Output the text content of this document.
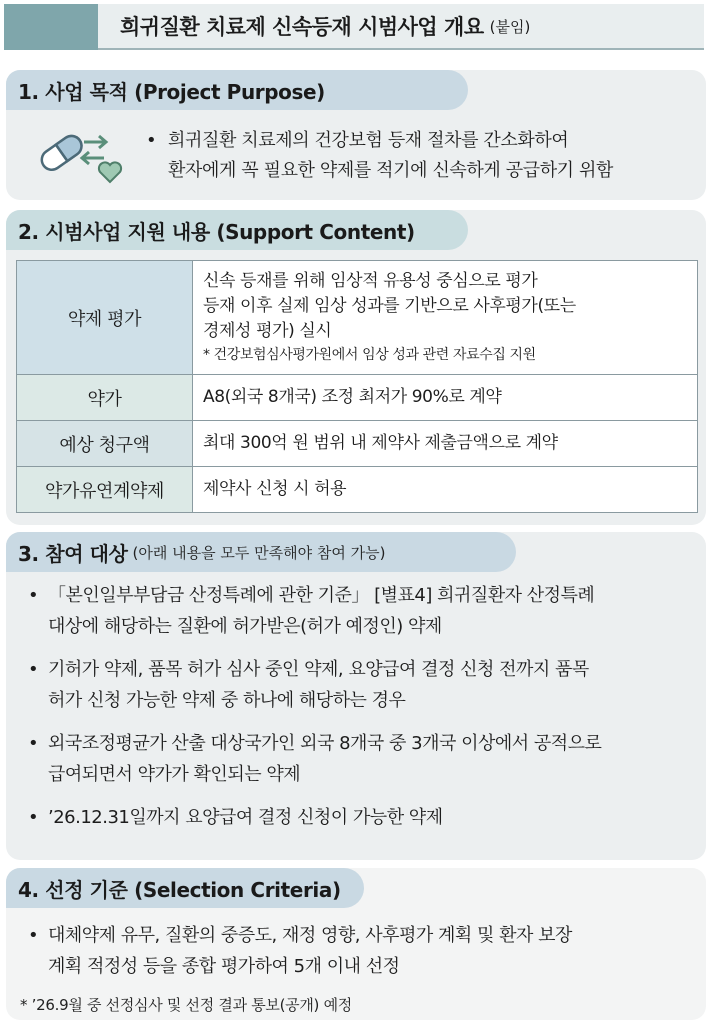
희귀질환 치료제 신속등재 시범사업 개요 (붙임)
1. 사업 목적 (Project Purpose)
• 희귀질환 치료제의 건강보험 등재 절차를 간소화하여
환자에게 꼭 필요한 약제를 적기에 신속하게 공급하기 위함
2. 시범사업 지원 내용 (Support Content)
약제 평가	신속 등재를 위해 임상적 유용성 중심으로 평가
등재 이후 실제 임상 성과를 기반으로 사후평가(또는
경제성 평가) 실시
* 건강보험심사평가원에서 임상 성과 관련 자료수집 지원

약가	A8(외국 8개국) 조정 최저가 90%로 계약
예상 청구액	최대 300억 원 범위 내 제약사 제출금액으로 계약
약가유연계약제	제약사 신청 시 허용
3. 참여 대상 (아래 내용을 모두 만족해야 참여 가능)
• 「본인일부부담금 산정특례에 관한 기준」 [별표4] 희귀질환자 산정특례
대상에 해당하는 질환에 허가받은(허가 예정인) 약제
• 기허가 약제, 품목 허가 심사 중인 약제, 요양급여 결정 신청 전까지 품목
허가 신청 가능한 약제 중 하나에 해당하는 경우
• 외국조정평균가 산출 대상국가인 외국 8개국 중 3개국 이상에서 공적으로
급여되면서 약가가 확인되는 약제
• ’26.12.31일까지 요양급여 결정 신청이 가능한 약제
4. 선정 기준 (Selection Criteria)
• 대체약제 유무, 질환의 중증도, 재정 영향, 사후평가 계획 및 환자 보장
계획 적정성 등을 종합 평가하여 5개 이내 선정
* ’26.9월 중 선정심사 및 선정 결과 통보(공개) 예정
